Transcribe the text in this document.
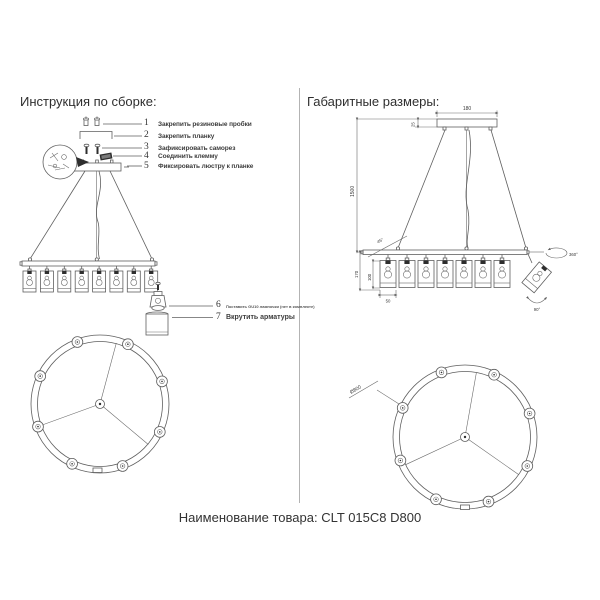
180
25
1500
45°
170 100
50
360°
90°
Ø800
Инструкция по сборке:	Габаритные размеры:
1 Закрепить резиновые пробки
2 Закрепить планку
3 Зафиксировать саморез
4 Соединить клемму
5 Фиксировать люстру к планке
6 Поставить GU10 лампочки (нет в комплекте)
7 Вкрутить арматуры
Наименование товара: CLT 015C8 D800
